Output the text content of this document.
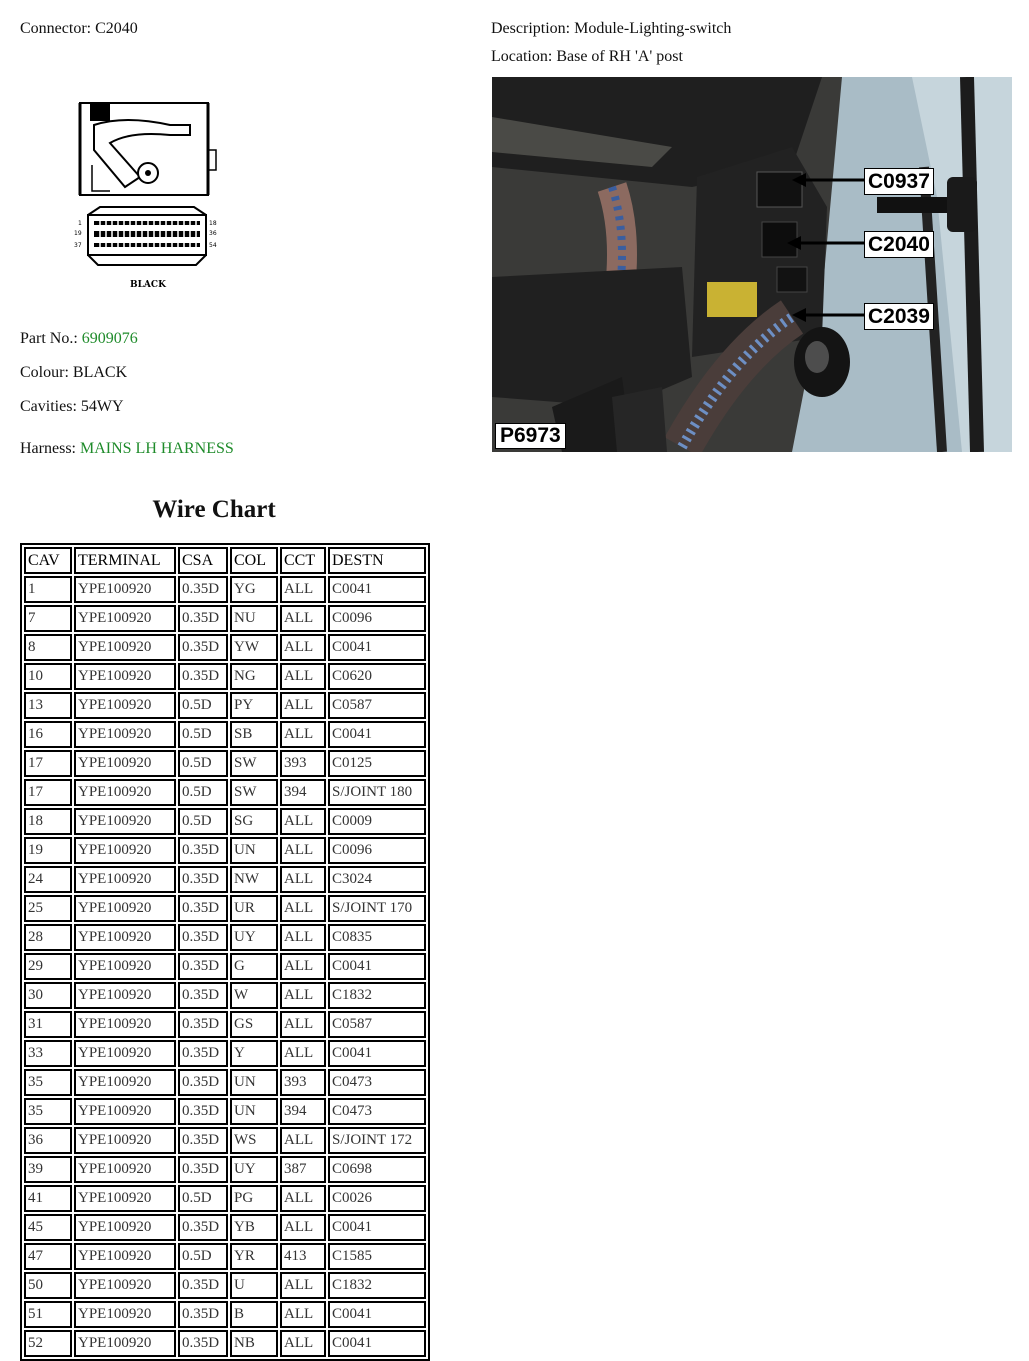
Connector: C2040	Description: Module-Lighting-switch
Location: Base of RH 'A' post
1
19
37
18
36
54
BLACK
Part No.: 6909076
Colour: BLACK
Cavities: 54WY
Harness: MAINS LH HARNESS
C0937
C2040
C2039
P6973
Wire Chart
CAV	TERMINAL	CSA	COL	CCT	DESTN
1	YPE100920	0.35D	YG	ALL	C0041
7	YPE100920	0.35D	NU	ALL	C0096
8	YPE100920	0.35D	YW	ALL	C0041
10	YPE100920	0.35D	NG	ALL	C0620
13	YPE100920	0.5D	PY	ALL	C0587
16	YPE100920	0.5D	SB	ALL	C0041
17	YPE100920	0.5D	SW	393	C0125
17	YPE100920	0.5D	SW	394	S/JOINT 180
18	YPE100920	0.5D	SG	ALL	C0009
19	YPE100920	0.35D	UN	ALL	C0096
24	YPE100920	0.35D	NW	ALL	C3024
25	YPE100920	0.35D	UR	ALL	S/JOINT 170
28	YPE100920	0.35D	UY	ALL	C0835
29	YPE100920	0.35D	G	ALL	C0041
30	YPE100920	0.35D	W	ALL	C1832
31	YPE100920	0.35D	GS	ALL	C0587
33	YPE100920	0.35D	Y	ALL	C0041
35	YPE100920	0.35D	UN	393	C0473
35	YPE100920	0.35D	UN	394	C0473
36	YPE100920	0.35D	WS	ALL	S/JOINT 172
39	YPE100920	0.35D	UY	387	C0698
41	YPE100920	0.5D	PG	ALL	C0026
45	YPE100920	0.35D	YB	ALL	C0041
47	YPE100920	0.5D	YR	413	C1585
50	YPE100920	0.35D	U	ALL	C1832
51	YPE100920	0.35D	B	ALL	C0041
52	YPE100920	0.35D	NB	ALL	C0041
